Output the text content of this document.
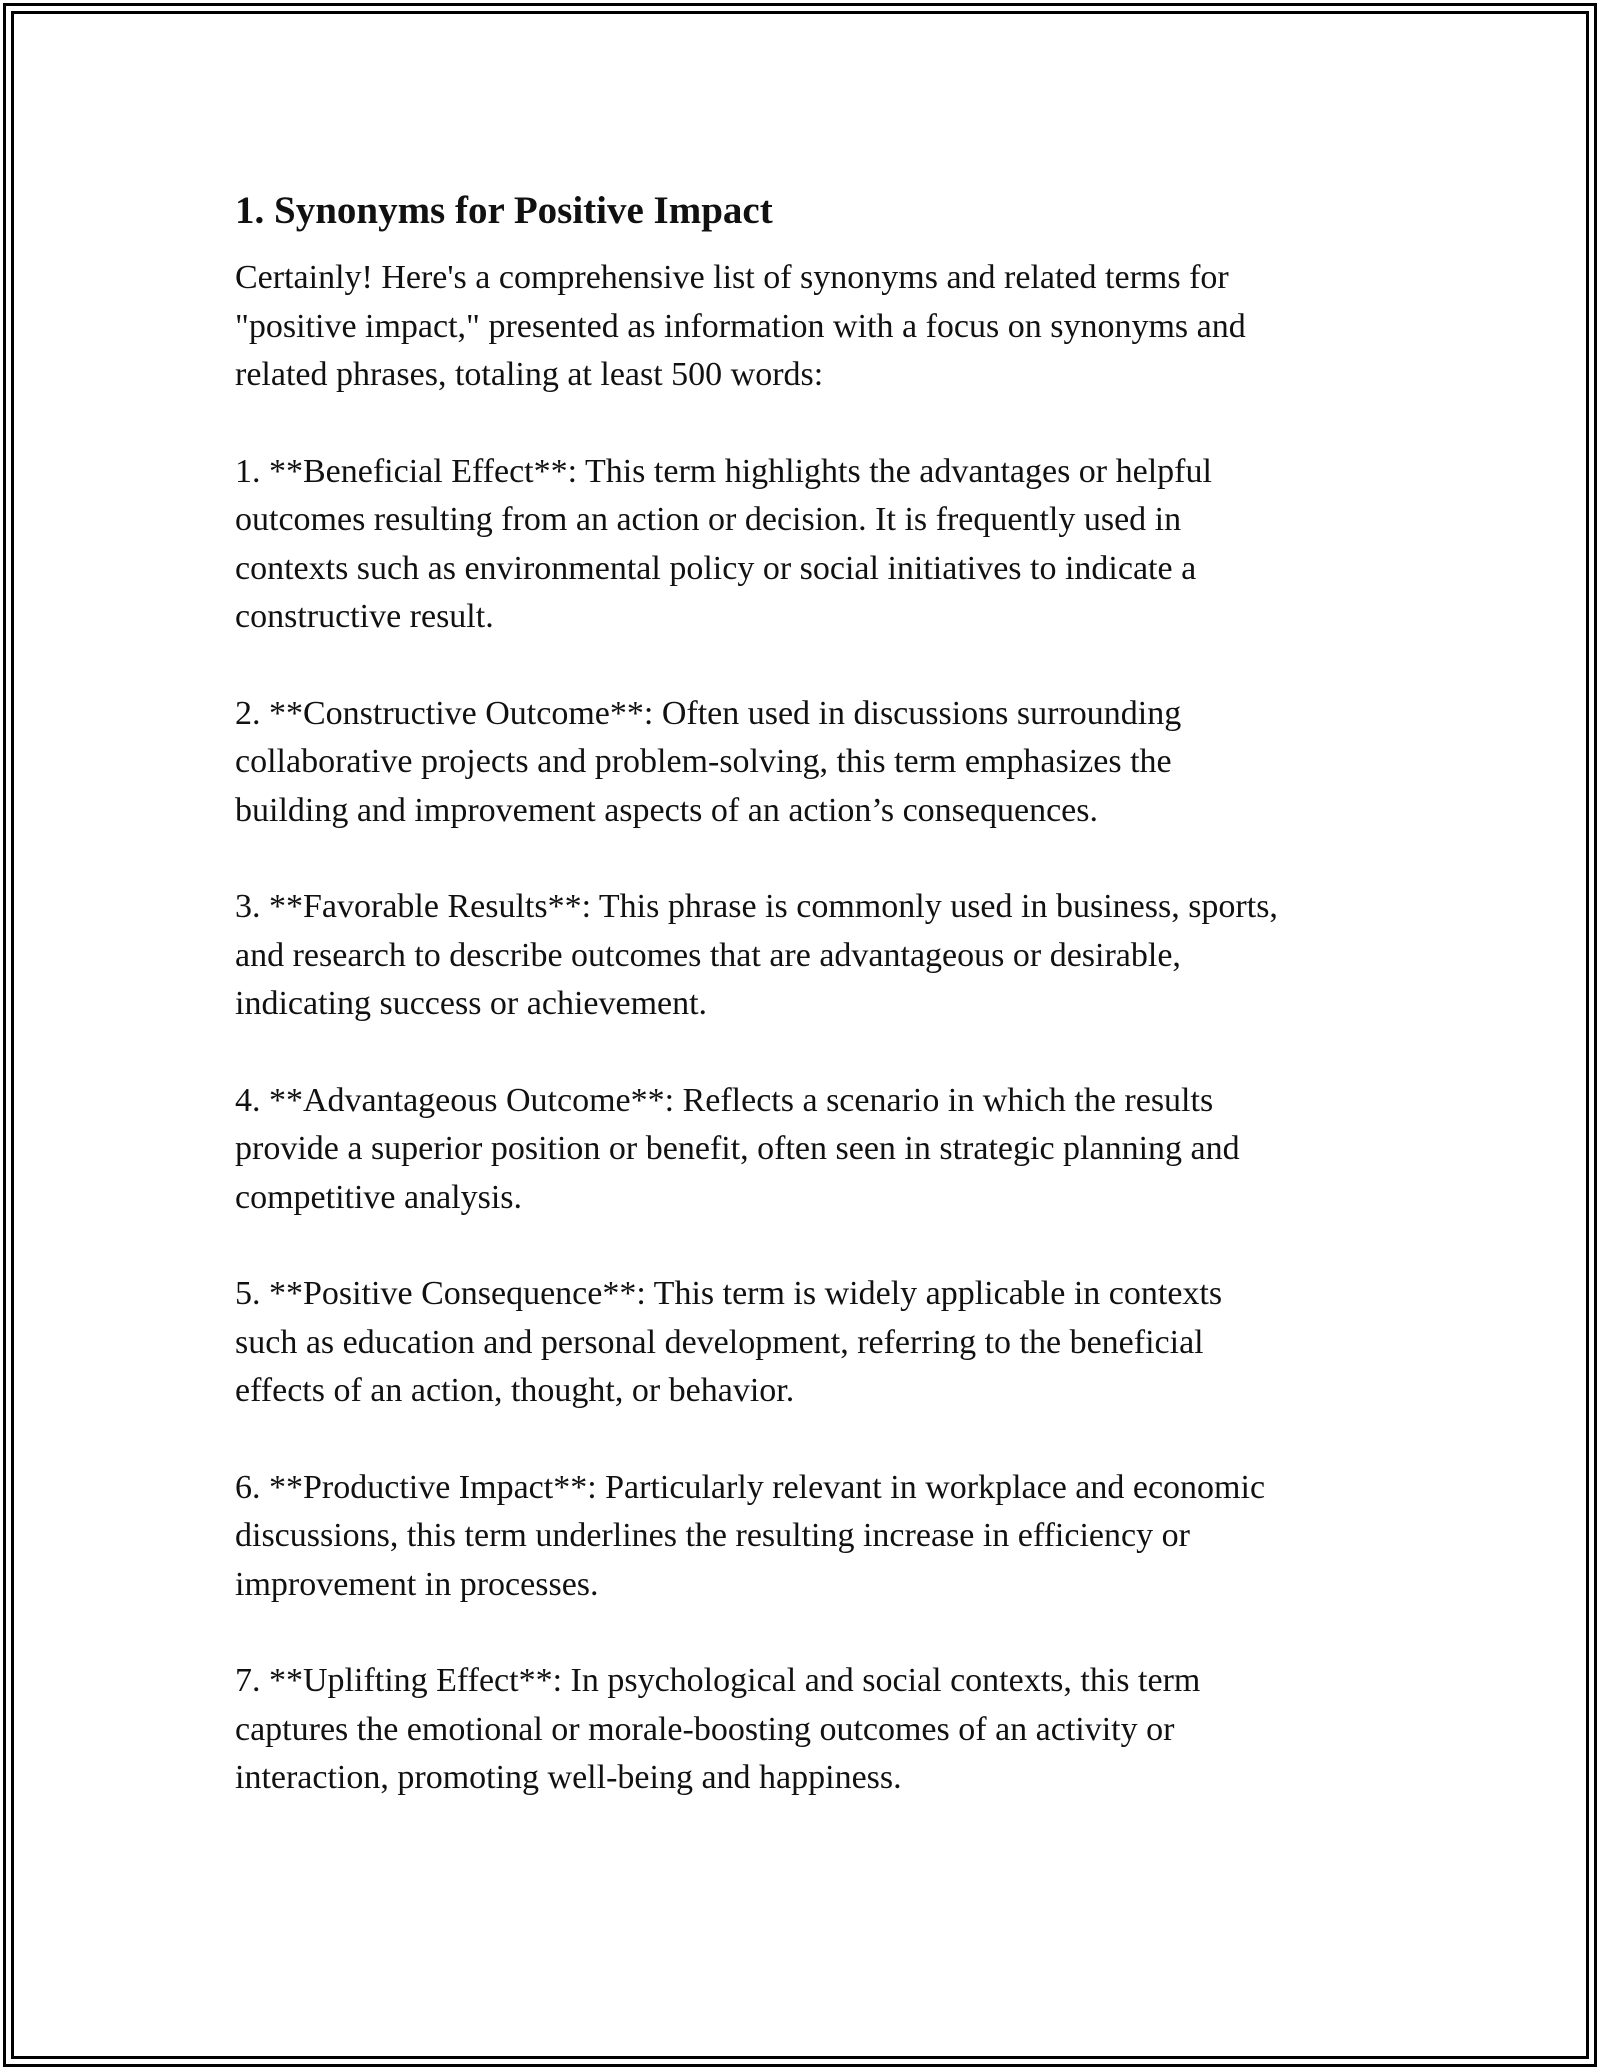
1. Synonyms for Positive Impact

Certainly! Here's a comprehensive list of synonyms and related terms for
"positive impact," presented as information with a focus on synonyms and
related phrases, totaling at least 500 words:

1. **Beneficial Effect**: This term highlights the advantages or helpful
outcomes resulting from an action or decision. It is frequently used in
contexts such as environmental policy or social initiatives to indicate a
constructive result.

2. **Constructive Outcome**: Often used in discussions surrounding
collaborative projects and problem-solving, this term emphasizes the
building and improvement aspects of an action’s consequences.

3. **Favorable Results**: This phrase is commonly used in business, sports,
and research to describe outcomes that are advantageous or desirable,
indicating success or achievement.

4. **Advantageous Outcome**: Reflects a scenario in which the results
provide a superior position or benefit, often seen in strategic planning and
competitive analysis.

5. **Positive Consequence**: This term is widely applicable in contexts
such as education and personal development, referring to the beneficial
effects of an action, thought, or behavior.

6. **Productive Impact**: Particularly relevant in workplace and economic
discussions, this term underlines the resulting increase in efficiency or
improvement in processes.

7. **Uplifting Effect**: In psychological and social contexts, this term
captures the emotional or morale-boosting outcomes of an activity or
interaction, promoting well-being and happiness.
